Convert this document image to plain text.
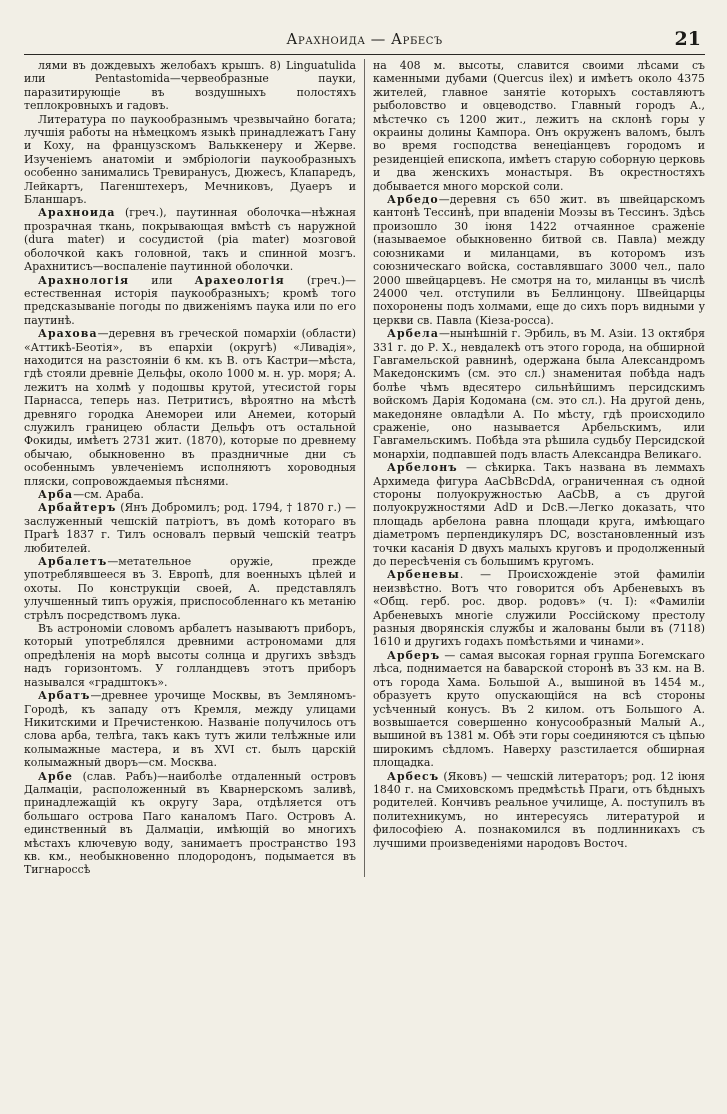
Арахноида — Арбесъ	21

лями въ дождевыхъ желобахъ крышъ. 8) Linguatulida или Pentastomida—червеобразные пауки, паразитирующіе въ воздушныхъ полостяхъ теплокровныхъ и гадовъ.

Литература по паукообразнымъ чрезвычайно богата; лучшія работы на нѣмецкомъ языкѣ принадлежатъ Гану и Коху, на французскомъ Вальккенеру и Жерве. Изученіемъ анатоміи и эмбріологіи паукообразныхъ особенно занимались Тревиранусъ, Дюжесъ, Клапаредъ, Лейкартъ, Пагенштехеръ, Мечниковъ, Дуаеръ и Бланшаръ.

Арахноида (греч.), паутинная оболочка—нѣжная прозрачная ткань, покрывающая вмѣстѣ съ наружной (dura mater) и сосудистой (pia mater) мозговой оболочкой какъ головной, такъ и спинной мозгъ. Арахнитисъ—воспаленіе паутинной оболочки.

Арахнологія или Арахеологія (греч.)—естественная исторія паукообразныхъ; кромѣ того предсказываніе погоды по движеніямъ паука или по его паутинѣ.

Арахова—деревня въ греческой помархіи (области) «Аттикѣ-Беотія», въ епархіи (округѣ) «Ливадія», находится на разстояніи 6 км. къ В. отъ Кастри—мѣста, гдѣ стояли древніе Дельфы, около 1000 м. н. ур. моря; А. лежитъ на холмѣ у подошвы крутой, утесистой горы Парнасса, теперь наз. Петритисъ, вѣроятно на мѣстѣ древняго городка Анемореи или Анемеи, который служилъ границею области Дельфъ отъ остальной Фокиды, имѣетъ 2731 жит. (1870), которые по древнему обычаю, обыкновенно въ праздничные дни съ особеннымъ увлеченіемъ исполняютъ хороводныя пляски, сопровождаемыя пѣснями.

Арба—см. Араба.

Арбайтеръ (Янъ Добромилъ; род. 1794, † 1870 г.) — заслуженный чешскій патріотъ, въ домѣ котораго въ Прагѣ 1837 г. Тилъ основалъ первый чешскій театръ любителей.

Арбалетъ—метательное оружіе, прежде употреблявшееся въ З. Европѣ, для военныхъ цѣлей и охоты. По конструкціи своей, А. представлялъ улучшенный типъ оружія, приспособленнаго къ метанію стрѣлъ посредствомъ лука.

Въ астрономіи словомъ арбалетъ называютъ приборъ, который употреблялся древними астрономами для опредѣленія на морѣ высоты солнца и другихъ звѣздъ надъ горизонтомъ. У голландцевъ этотъ приборъ назывался «градштокъ».

Арбатъ—древнее урочище Москвы, въ Земляномъ-Городѣ, къ западу отъ Кремля, между улицами Никитскими и Пречистенкою. Названіе получилось отъ слова арба, телѣга, такъ какъ тутъ жили телѣжные или колымажные мастера, и въ XVI ст. былъ царскій колымажный дворъ—см. Москва.

Арбе (слав. Рабъ)—наиболѣе отдаленный островъ Далмаціи, расположенный въ Кварнерскомъ заливѣ, принадлежащій къ округу Зара, отдѣляется отъ большаго острова Паго каналомъ Паго. Островъ А. единственный въ Далмаціи, имѣющій во многихъ мѣстахъ ключевую воду, занимаетъ пространство 193 кв. км., необыкновенно плодородонъ, подымается въ Тигнароссѣ

на 408 м. высоты, славится своими лѣсами съ каменными дубами (Quercus ilex) и имѣетъ около 4375 жителей, главное занятіе которыхъ составляютъ рыболовство и овцеводство. Главный городъ А., мѣстечко съ 1200 жит., лежитъ на склонѣ горы у окраины долины Кампора. Онъ окруженъ валомъ, былъ во время господства венеціанцевъ городомъ и резиденціей епископа, имѣетъ старую соборную церковь и два женскихъ монастыря. Въ окрестностяхъ добывается много морской соли.

Арбедо—деревня съ 650 жит. въ швейцарскомъ кантонѣ Тессинѣ, при впаденіи Моэзы въ Тессинъ. Здѣсь произошло 30 іюня 1422 отчаянное сраженіе (называемое обыкновенно битвой св. Павла) между союзниками и миланцами, въ которомъ изъ союзническаго войска, составлявшаго 3000 чел., пало 2000 швейцарцевъ. Не смотря на то, миланцы въ числѣ 24000 чел. отступили въ Беллинцону. Швейцарцы похоронены подъ холмами, еще до сихъ поръ видными у церкви св. Павла (Кіеза-росса).

Арбела—нынѣшній г. Эрбиль, въ М. Азіи. 13 октября 331 г. до Р. Х., невдалекѣ отъ этого города, на обширной Гавгамельской равнинѣ, одержана была Александромъ Македонскимъ (см. это сл.) знаменитая побѣда надъ болѣе чѣмъ вдесятеро сильнѣйшимъ персидскимъ войскомъ Дарія Кодомана (см. это сл.). На другой день, македоняне овладѣли А. По мѣсту, гдѣ происходило сраженіе, оно называется Арбельскимъ, или Гавгамельскимъ. Побѣда эта рѣшила судьбу Персидской монархіи, подпавшей подъ власть Александра Великаго.

Арбелонъ — сѣкирка. Такъ названа въ леммахъ Архимеда фигура AaCbBcDdA, ограниченная съ одной стороны полуокружностью AaCbB, а съ другой полуокружностями AdD и DcB.—Легко доказать, что площадь арбелона равна площади круга, имѣющаго діаметромъ перпендикуляръ DC, возстановленный изъ точки касанія D двухъ малыхъ круговъ и продолженный до пересѣченія съ большимъ кругомъ.

Арбеневы. — Происхожденіе этой фамиліи неизвѣстно. Вотъ что говорится объ Арбеневыхъ въ «Общ. герб. рос. двор. родовъ» (ч. I): «Фамиліи Арбеневыхъ многіе служили Россійскому престолу разныя дворянскія службы и жалованы были въ (7118) 1610 и другихъ годахъ помѣстьями и чинами».

Арберъ — самая высокая горная группа Богемскаго лѣса, поднимается на баварской сторонѣ въ 33 км. на В. отъ города Хама. Большой А., вышиной въ 1454 м., образуетъ круто опускающійся на всѣ стороны усѣченный конусъ. Въ 2 килом. отъ Большого А. возвышается совершенно конусообразный Малый А., вышиной въ 1381 м. Обѣ эти горы соединяются съ цѣпью широкимъ сѣдломъ. Наверху разстилается обширная площадка.

Арбесъ (Яковъ) — чешскій литераторъ; род. 12 іюня 1840 г. на Смиховскомъ предмѣстьѣ Праги, отъ бѣдныхъ родителей. Кончивъ реальное училище, А. поступилъ въ политехникумъ, но интересуясь литературой и философіею А. познакомился въ подлинникахъ съ лучшими произведеніями народовъ Восточ.
